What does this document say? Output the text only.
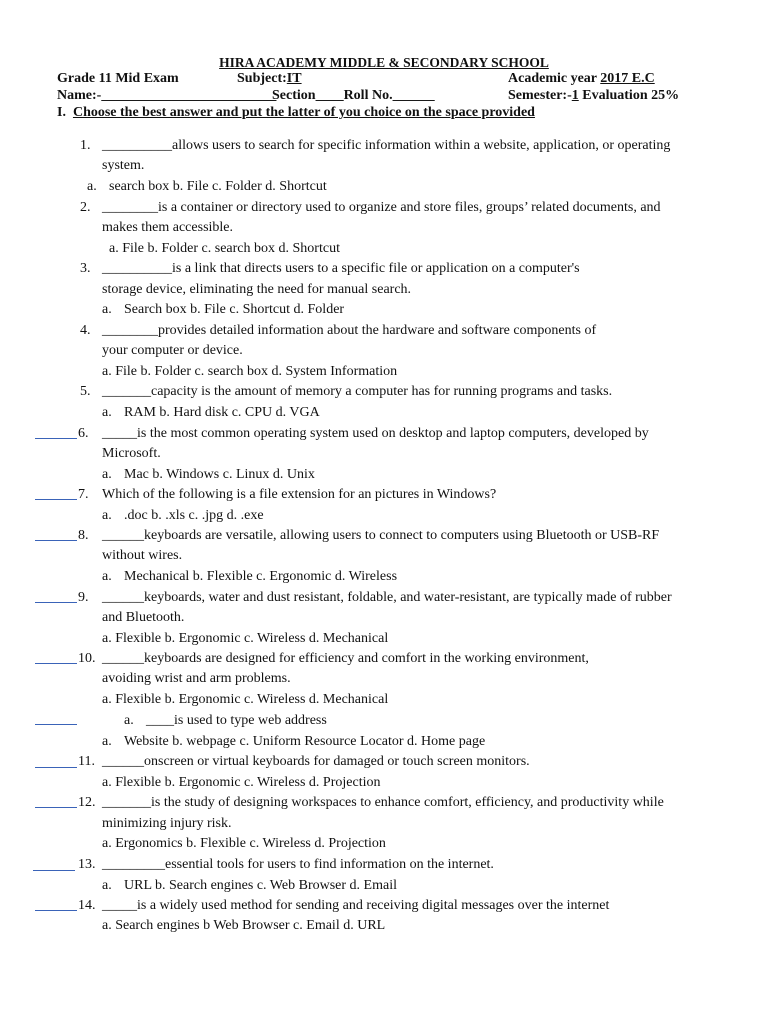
HIRA ACADEMY MIDDLE & SECONDARY SCHOOL
Grade 11 Mid Exam	Subject:IT	Academic year 2017 E.C
Name:-_________________________
Section____Roll No.______	Semester:-1 Evaluation 25%
I. Choose the best answer and put the latter of you choice on the space provided
1. __________allows users to search for specific information within a website, application, or operating
system.
a. search box b. File c. Folder d. Shortcut
2. ________is a container or directory used to organize and store files, groups’ related documents, and
makes them accessible.
a. File b. Folder c. search box d. Shortcut
3. __________is a link that directs users to a specific file or application on a computer's
storage device, eliminating the need for manual search.
a. Search box b. File c. Shortcut d. Folder
4. ________provides detailed information about the hardware and software components of
your computer or device.
a. File b. Folder c. search box d. System Information
5. _______capacity is the amount of memory a computer has for running programs and tasks.
a. RAM b. Hard disk c. CPU d. VGA
6. _____is the most common operating system used on desktop and laptop computers, developed by
Microsoft.
a. Mac b. Windows c. Linux d. Unix
7. Which of the following is a file extension for an pictures in Windows?
a. .doc b. .xls c. .jpg d. .exe
8. ______keyboards are versatile, allowing users to connect to computers using Bluetooth or USB-RF
without wires.
a. Mechanical b. Flexible c. Ergonomic d. Wireless
9. ______keyboards, water and dust resistant, foldable, and water-resistant, are typically made of rubber
and Bluetooth.
a. Flexible b. Ergonomic c. Wireless d. Mechanical
10. ______keyboards are designed for efficiency and comfort in the working environment,
avoiding wrist and arm problems.
a. Flexible b. Ergonomic c. Wireless d. Mechanical
a. ____is used to type web address
a. Website b. webpage c. Uniform Resource Locator d. Home page
11. ______onscreen or virtual keyboards for damaged or touch screen monitors.
a. Flexible b. Ergonomic c. Wireless d. Projection
12. _______is the study of designing workspaces to enhance comfort, efficiency, and productivity while
minimizing injury risk.
a. Ergonomics b. Flexible c. Wireless d. Projection
13. _________essential tools for users to find information on the internet.
a. URL b. Search engines c. Web Browser d. Email
14. _____is a widely used method for sending and receiving digital messages over the internet
a. Search engines b Web Browser c. Email d. URL
